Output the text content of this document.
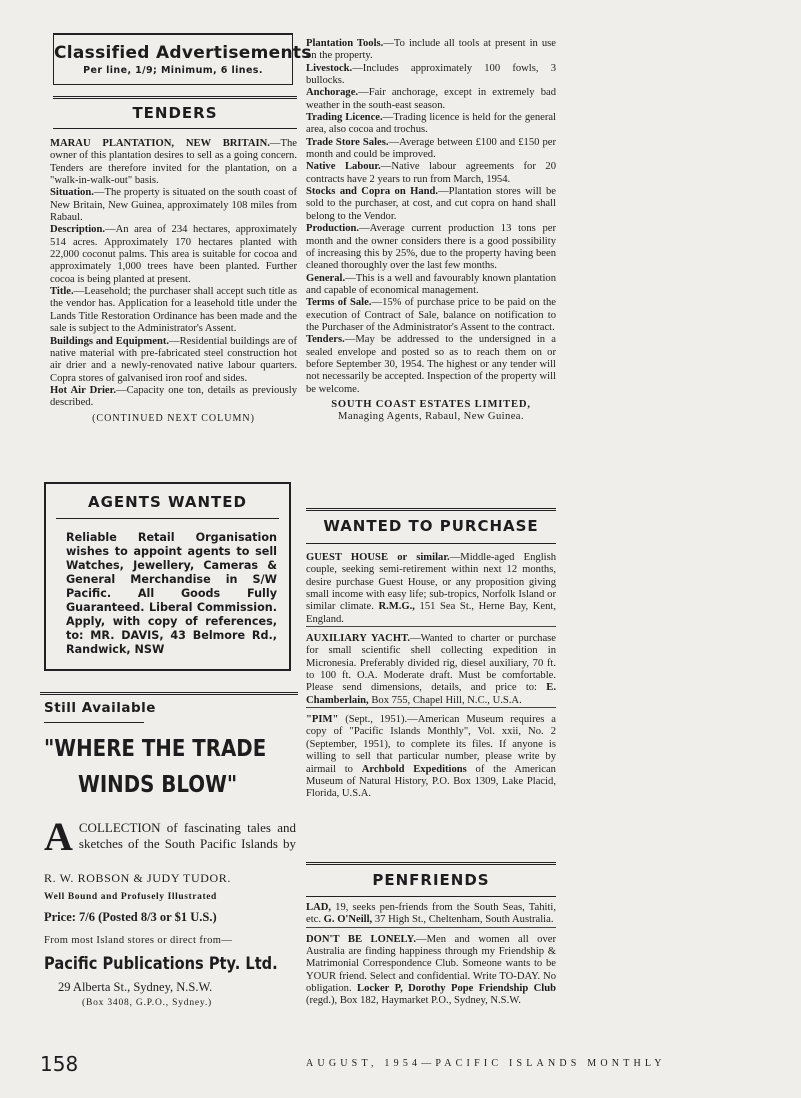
Classified Advertisements
Per line, 1/9; Minimum, 6 lines.
TENDERS

MARAU PLANTATION, NEW BRITAIN.—The owner of this plantation desires to sell as a going concern. Tenders are therefore invited for the plantation, on a "walk-in-walk-out" basis.

Situation.—The property is situated on the south coast of New Britain, New Guinea, approximately 108 miles from Rabaul.

Description.—An area of 234 hectares, approximately 514 acres. Approximately 170 hectares planted with 22,000 coconut palms. This area is suitable for cocoa and approximately 1,000 trees have been planted. Further cocoa is being planted at present.

Title.—Leasehold; the purchaser shall accept such title as the vendor has. Application for a leasehold title under the Lands Title Restoration Ordinance has been made and the sale is subject to the Administrator's Assent.

Buildings and Equipment.—Residential buildings are of native material with pre-fabricated steel construction hot air drier and a newly-renovated native labour quarters. Copra stores of galvanised iron roof and sides.

Hot Air Drier.—Capacity one ton, details as previously described.

(CONTINUED NEXT COLUMN)
AGENTS WANTED
Reliable Retail Organisation wishes to appoint agents to sell Watches, Jewellery, Cameras & General Merchandise in S/W Pacific. All Goods Fully Guaranteed. Liberal Commission. Apply, with copy of references, to: MR. DAVIS, 43 Belmore Rd., Randwick, NSW
Still Available
"WHERE THE TRADE
WINDS BLOW"
A COLLECTION of fascinating tales and sketches of the South Pacific Islands by
R. W. ROBSON & JUDY TUDOR.
Well Bound and Profusely Illustrated
Price: 7/6 (Posted 8/3 or $1 U.S.)
From most Island stores or direct from—
Pacific Publications Pty. Ltd.
29 Alberta St., Sydney, N.S.W.
(Box 3408, G.P.O., Sydney.)
158

Plantation Tools.—To include all tools at present in use on the property.

Livestock.—Includes approximately 100 fowls, 3 bullocks.

Anchorage.—Fair anchorage, except in extremely bad weather in the south-east season.

Trading Licence.—Trading licence is held for the general area, also cocoa and trochus.

Trade Store Sales.—Average between £100 and £150 per month and could be improved.

Native Labour.—Native labour agreements for 20 contracts have 2 years to run from March, 1954.

Stocks and Copra on Hand.—Plantation stores will be sold to the purchaser, at cost, and cut copra on hand shall belong to the Vendor.

Production.—Average current production 13 tons per month and the owner considers there is a good possibility of increasing this by 25%, due to the property having been cleaned thoroughly over the last few months.

General.—This is a well and favourably known plantation and capable of economical management.

Terms of Sale.—15% of purchase price to be paid on the execution of Contract of Sale, balance on notification to the Purchaser of the Administrator's Assent to the contract.

Tenders.—May be addressed to the undersigned in a sealed envelope and posted so as to reach them on or before September 30, 1954. The highest or any tender will not necessarily be accepted. Inspection of the property will be welcome.

SOUTH COAST ESTATES LIMITED,
Managing Agents, Rabaul, New Guinea.
WANTED TO PURCHASE

GUEST HOUSE or similar.—Middle-aged English couple, seeking semi-retirement within next 12 months, desire purchase Guest House, or any proposition giving small income with easy life; sub-tropics, Norfolk Island or similar climate. R.M.G., 151 Sea St., Herne Bay, Kent, England.

AUXILIARY YACHT.—Wanted to charter or purchase for small scientific shell collecting expedition in Micronesia. Preferably divided rig, diesel auxiliary, 70 ft. to 100 ft. O.A. Moderate draft. Must be comfortable. Please send dimensions, details, and price to: E. Chamberlain, Box 755, Chapel Hill, N.C., U.S.A.

"PIM" (Sept., 1951).—American Museum requires a copy of "Pacific Islands Monthly", Vol. xxii, No. 2 (September, 1951), to complete its files. If anyone is willing to sell that particular number, please write by airmail to Archbold Expeditions of the American Museum of Natural History, P.O. Box 1309, Lake Placid, Florida, U.S.A.

PENFRIENDS

LAD, 19, seeks pen-friends from the South Seas, Tahiti, etc. G. O'Neill, 37 High St., Cheltenham, South Australia.

DON'T BE LONELY.—Men and women all over Australia are finding happiness through my Friendship & Matrimonial Correspondence Club. Someone wants to be YOUR friend. Select and confidential. Write TO-DAY. No obligation. Locker P, Dorothy Pope Friendship Club (regd.), Box 182, Haymarket P.O., Sydney, N.S.W.

AUGUST, 1954—PACIFIC ISLANDS MONTHLY
